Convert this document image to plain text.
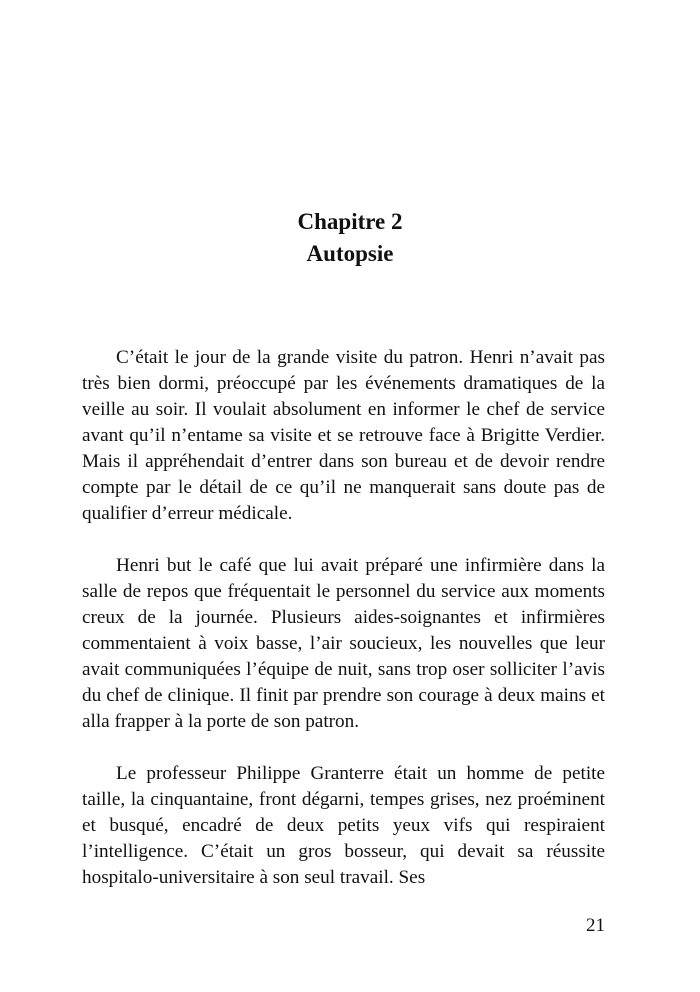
Chapitre 2
Autopsie

C’était le jour de la grande visite du patron. Henri n’avait pas très bien dormi, préoccupé par les événements dramatiques de la veille au soir. Il voulait absolument en informer le chef de service avant qu’il n’entame sa visite et se retrouve face à Brigitte Verdier. Mais il appréhendait d’entrer dans son bureau et de devoir rendre compte par le détail de ce qu’il ne manquerait sans doute pas de qualifier d’erreur médicale.

Henri but le café que lui avait préparé une infirmière dans la salle de repos que fréquentait le personnel du service aux moments creux de la journée. Plusieurs aides-soignantes et infirmières commentaient à voix basse, l’air soucieux, les nouvelles que leur avait communiquées l’équipe de nuit, sans trop oser solliciter l’avis du chef de clinique. Il finit par prendre son courage à deux mains et alla frapper à la porte de son patron.

Le professeur Philippe Granterre était un homme de petite taille, la cinquantaine, front dégarni, tempes grises, nez proéminent et busqué, encadré de deux petits yeux vifs qui respiraient l’intelligence. C’était un gros bosseur, qui devait sa réussite hospitalo-universitaire à son seul travail. Ses

21
